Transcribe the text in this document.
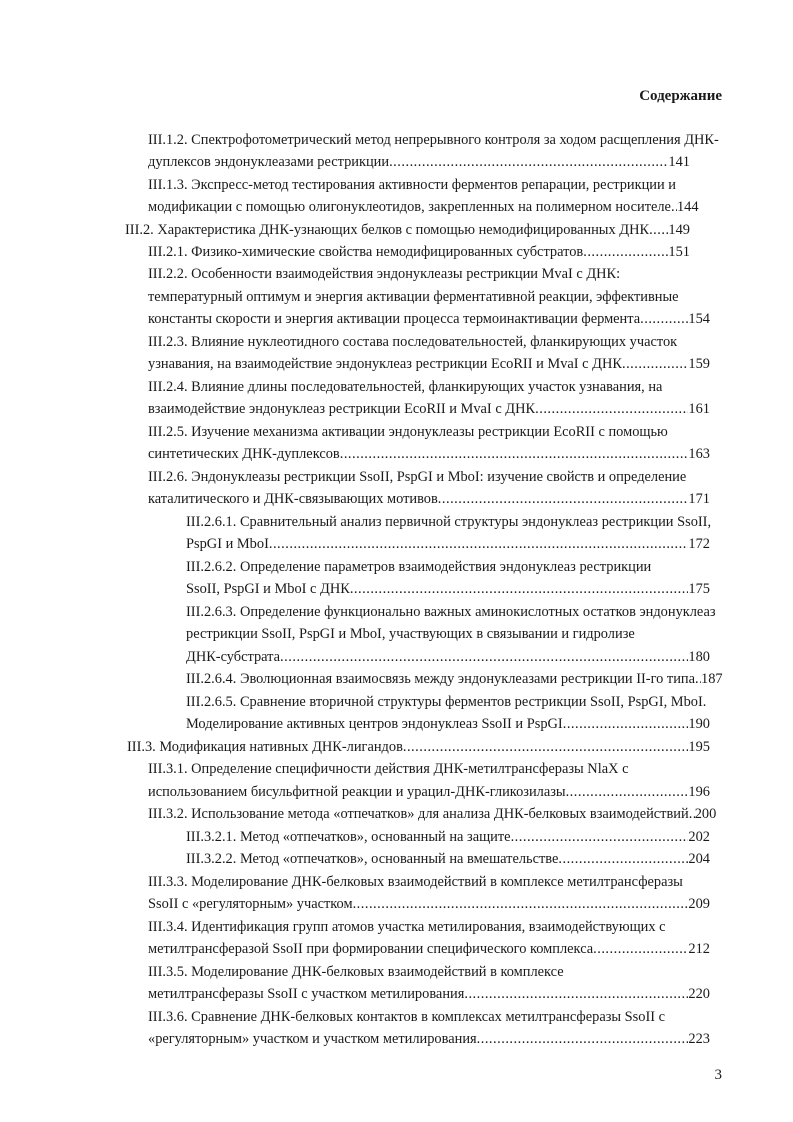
Содержание
III.1.2. Спектрофотометрический метод непрерывного контроля за ходом расщепления ДНК-
дуплексов эндонуклеазами рестрикции .....	141
III.1.3. Экспресс-метод тестирования активности ферментов репарации, рестрикции и
модификации с помощью олигонуклеотидов, закрепленных на полимерном носителе ..... 144
III.2. Характеристика ДНК-узнающих белков с помощью немодифицированных ДНК ..... 149
III.2.1. Физико-химические свойства немодифицированных субстратов .....	151
III.2.2. Особенности взаимодействия эндонуклеазы рестрикции MvaI с ДНК:
температурный оптимум и энергия активации ферментативной реакции, эффективные
константы скорости и энергия активации процесса термоинактивации фермента .....	154
III.2.3. Влияние нуклеотидного состава последовательностей, фланкирующих участок
узнавания, на взаимодействие эндонуклеаз рестрикции EcoRII и MvaI с ДНК .....	159
III.2.4. Влияние длины последовательностей, фланкирующих участок узнавания, на
взаимодействие эндонуклеаз рестрикции EcoRII и MvaI с ДНК .....	161
III.2.5. Изучение механизма активации эндонуклеазы рестрикции EcoRII с помощью
синтетических ДНК-дуплексов .....	163
III.2.6. Эндонуклеазы рестрикции SsoII, PspGI и MboI: изучение свойств и определение
каталитического и ДНК-связывающих мотивов .....	171
III.2.6.1. Сравнительный анализ первичной структуры эндонуклеаз рестрикции SsoII,
PspGI и MboI .....	172
III.2.6.2. Определение параметров взаимодействия эндонуклеаз рестрикции
SsoII, PspGI и MboI с ДНК .....	175
III.2.6.3. Определение функционально важных аминокислотных остатков эндонуклеаз
рестрикции SsoII, PspGI и MboI, участвующих в связывании и гидролизе
ДНК-субстрата .....	180
III.2.6.4. Эволюционная взаимосвязь между эндонуклеазами рестрикции II-го типа ..... 187
III.2.6.5. Сравнение вторичной структуры ферментов рестрикции SsoII, PspGI, MboI.
Моделирование активных центров эндонуклеаз SsoII и PspGI .....	190
III.3. Модификация нативных ДНК-лигандов .....	195
III.3.1. Определение специфичности действия ДНК-метилтрансферазы NlaX с
использованием бисульфитной реакции и урацил-ДНК-гликозилазы .....	196
III.3.2. Использование метода «отпечатков» для анализа ДНК-белковых взаимодействий ..... 200
III.3.2.1. Метод «отпечатков», основанный на защите .....	202
III.3.2.2. Метод «отпечатков», основанный на вмешательстве .....	204
III.3.3. Моделирование ДНК-белковых взаимодействий в комплексе метилтрансферазы
SsoII с «регуляторным» участком .....	209
III.3.4. Идентификация групп атомов участка метилирования, взаимодействующих с
метилтрансферазой SsoII при формировании специфического комплекса .....	212
III.3.5. Моделирование ДНК-белковых взаимодействий в комплексе
метилтрансферазы SsoII с участком метилирования .....	220
III.3.6. Сравнение ДНК-белковых контактов в комплексах метилтрансферазы SsoII с
«регуляторным» участком и участком метилирования .....	223
3
